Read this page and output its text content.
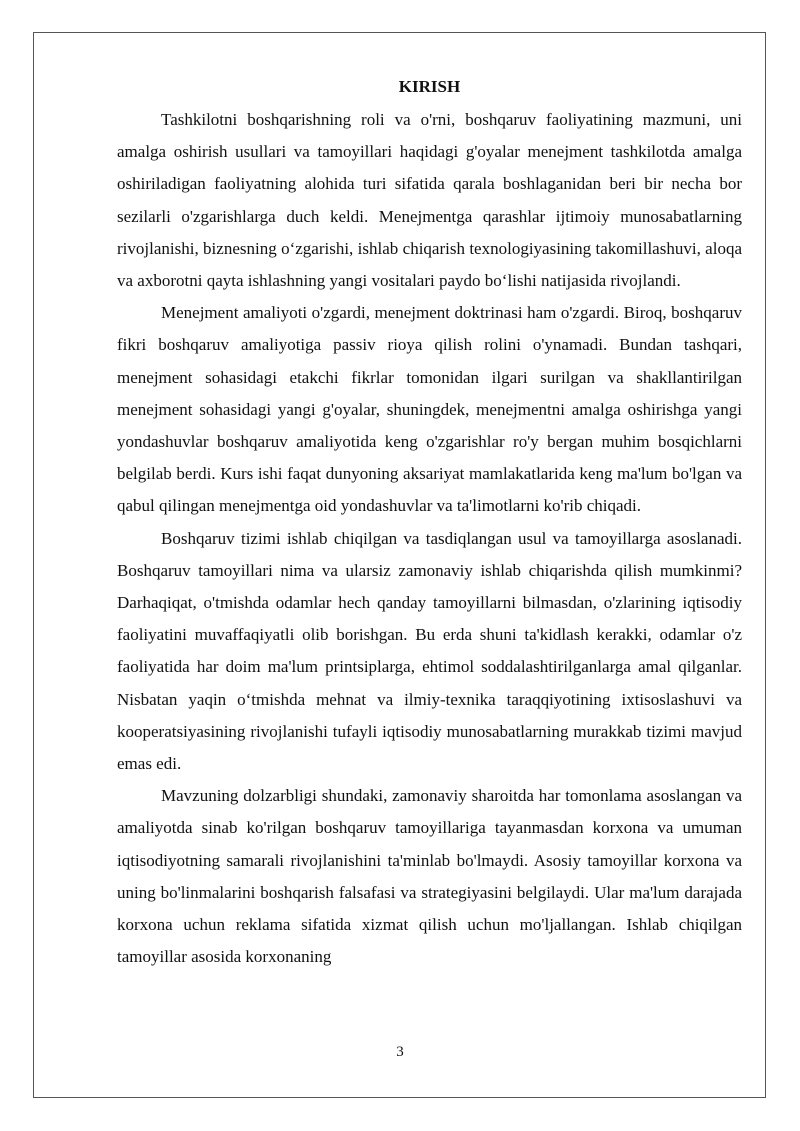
KIRISH

Tashkilotni boshqarishning roli va o'rni, boshqaruv faoliyatining mazmuni, uni amalga oshirish usullari va tamoyillari haqidagi g'oyalar menejment tashkilotda amalga oshiriladigan faoliyatning alohida turi sifatida qarala boshlaganidan beri bir necha bor sezilarli o'zgarishlarga duch keldi. Menejmentga qarashlar ijtimoiy munosabatlarning rivojlanishi, biznesning o‘zgarishi, ishlab chiqarish texnologiyasining takomillashuvi, aloqa va axborotni qayta ishlashning yangi vositalari paydo bo‘lishi natijasida rivojlandi.

Menejment amaliyoti o'zgardi, menejment doktrinasi ham o'zgardi. Biroq, boshqaruv fikri boshqaruv amaliyotiga passiv rioya qilish rolini o'ynamadi. Bundan tashqari, menejment sohasidagi etakchi fikrlar tomonidan ilgari surilgan va shakllantirilgan menejment sohasidagi yangi g'oyalar, shuningdek, menejmentni amalga oshirishga yangi yondashuvlar boshqaruv amaliyotida keng o'zgarishlar ro'y bergan muhim bosqichlarni belgilab berdi. Kurs ishi faqat dunyoning aksariyat mamlakatlarida keng ma'lum bo'lgan va qabul qilingan menejmentga oid yondashuvlar va ta'limotlarni ko'rib chiqadi.

Boshqaruv tizimi ishlab chiqilgan va tasdiqlangan usul va tamoyillarga asoslanadi. Boshqaruv tamoyillari nima va ularsiz zamonaviy ishlab chiqarishda qilish mumkinmi? Darhaqiqat, o'tmishda odamlar hech qanday tamoyillarni bilmasdan, o'zlarining iqtisodiy faoliyatini muvaffaqiyatli olib borishgan. Bu erda shuni ta'kidlash kerakki, odamlar o'z faoliyatida har doim ma'lum printsiplarga, ehtimol soddalashtirilganlarga amal qilganlar. Nisbatan yaqin o‘tmishda mehnat va ilmiy-texnika taraqqiyotining ixtisoslashuvi va kooperatsiyasining rivojlanishi tufayli iqtisodiy munosabatlarning murakkab tizimi mavjud emas edi.

Mavzuning dolzarbligi shundaki, zamonaviy sharoitda har tomonlama asoslangan va amaliyotda sinab ko'rilgan boshqaruv tamoyillariga tayanmasdan korxona va umuman iqtisodiyotning samarali rivojlanishini ta'minlab bo'lmaydi. Asosiy tamoyillar korxona va uning bo'linmalarini boshqarish falsafasi va strategiyasini belgilaydi. Ular ma'lum darajada korxona uchun reklama sifatida xizmat qilish uchun mo'ljallangan. Ishlab chiqilgan tamoyillar asosida korxonaning

3
